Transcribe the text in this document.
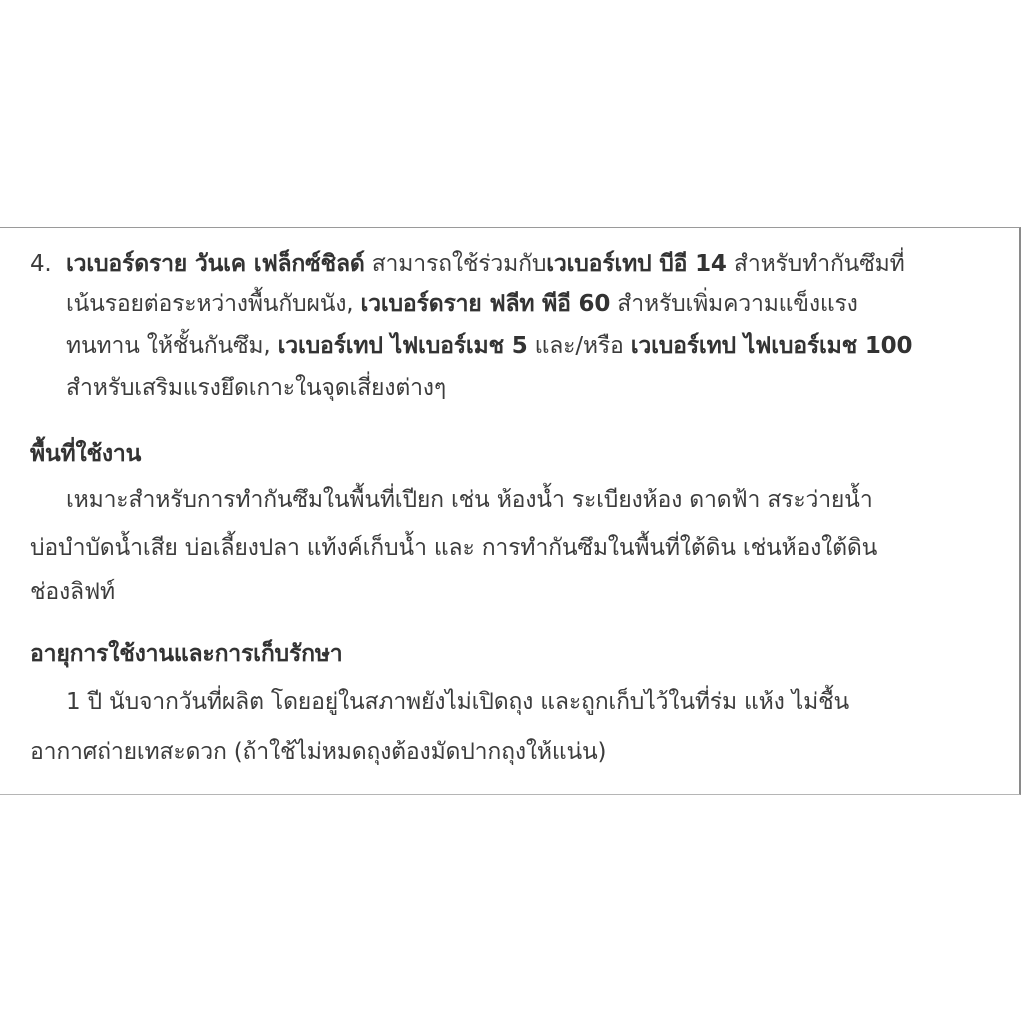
4. เวเบอร์ดราย วันเค เฟล็กซ์ชิลด์ สามารถใช้ร่วมกับเวเบอร์เทป บีอี 14 สำหรับทำกันซึมที่
เน้นรอยต่อระหว่างพื้นกับผนัง, เวเบอร์ดราย ฟลีท พีอี 60 สำหรับเพิ่มความแข็งแรง
ทนทาน ให้ชั้นกันซึม, เวเบอร์เทป ไฟเบอร์เมช 5 และ/หรือ เวเบอร์เทป ไฟเบอร์เมช 100
สำหรับเสริมแรงยึดเกาะในจุดเสี่ยงต่างๆ
พื้นที่ใช้งาน
เหมาะสำหรับการทำกันซึมในพื้นที่เปียก เช่น ห้องน้ำ ระเบียงห้อง ดาดฟ้า สระว่ายน้ำ
บ่อบำบัดน้ำเสีย บ่อเลี้ยงปลา แท้งค์เก็บน้ำ และ การทำกันซึมในพื้นที่ใต้ดิน เช่นห้องใต้ดิน
ช่องลิฟท์
อายุการใช้งานและการเก็บรักษา
1 ปี นับจากวันที่ผลิต โดยอยู่ในสภาพยังไม่เปิดถุง และถูกเก็บไว้ในที่ร่ม แห้ง ไม่ชื้น
อากาศถ่ายเทสะดวก (ถ้าใช้ไม่หมดถุงต้องมัดปากถุงให้แน่น)
